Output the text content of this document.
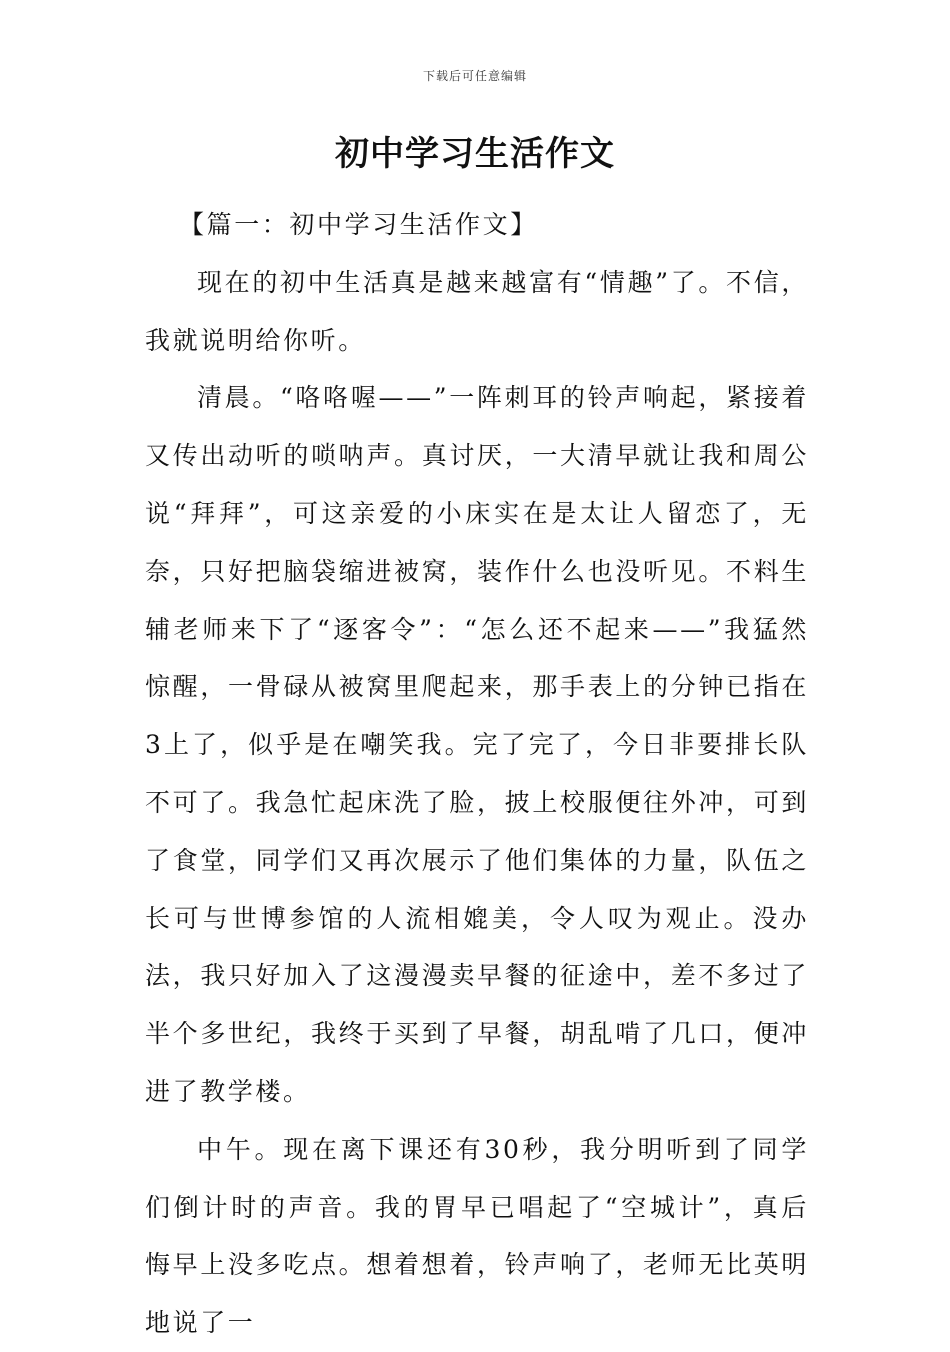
下载后可任意编辑
初中学习生活作文

【篇一：初中学习生活作文】

现在的初中生活真是越来越富有“情趣”了。不信，我就说明给你听。

清晨。“咯咯喔——”一阵刺耳的铃声响起，紧接着又传出动听的唢呐声。真讨厌，一大清早就让我和周公说“拜拜”，可这亲爱的小床实在是太让人留恋了，无奈，只好把脑袋缩进被窝，装作什么也没听见。不料生辅老师来下了“逐客令”：“怎么还不起来——”我猛然惊醒，一骨碌从被窝里爬起来，那手表上的分钟已指在3上了，似乎是在嘲笑我。完了完了，今日非要排长队不可了。我急忙起床洗了脸，披上校服便往外冲，可到了食堂，同学们又再次展示了他们集体的力量，队伍之长可与世博参馆的人流相媲美，令人叹为观止。没办法，我只好加入了这漫漫卖早餐的征途中，差不多过了半个多世纪，我终于买到了早餐，胡乱啃了几口，便冲进了教学楼。

中午。现在离下课还有30秒，我分明听到了同学们倒计时的声音。我的胃早已唱起了“空城计”，真后悔早上没多吃点。想着想着，铃声响了，老师无比英明地说了一
